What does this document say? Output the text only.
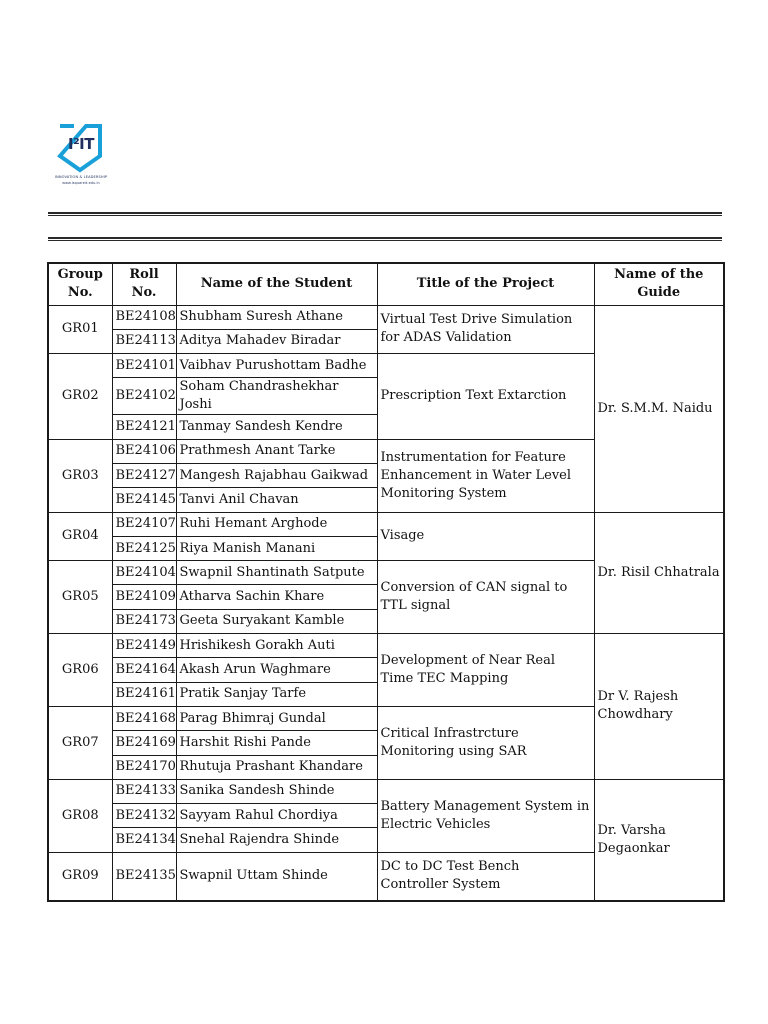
I²IT
INNOVATION & LEADERSHIP
www.isquareit.edu.in
Group No.	Roll No.	Name of the Student	Title of the Project	Name of the Guide
GR01	BE24108	Shubham Suresh Athane	Virtual Test Drive Simulation for ADAS Validation	Dr. S.M.M. Naidu
	BE24113	Aditya Mahadev Biradar		
GR02	BE24101	Vaibhav Purushottam Badhe	Prescription Text Extarction	
	BE24102	Soham Chandrashekhar Joshi		
	BE24121	Tanmay Sandesh Kendre		
GR03	BE24106	Prathmesh Anant Tarke	Instrumentation for Feature Enhancement in Water Level Monitoring System	
	BE24127	Mangesh Rajabhau Gaikwad		
	BE24145	Tanvi Anil Chavan		
GR04	BE24107	Ruhi Hemant Arghode	Visage	Dr. Risil Chhatrala
	BE24125	Riya Manish Manani		
GR05	BE24104	Swapnil Shantinath Satpute	Conversion of CAN signal to TTL signal	
	BE24109	Atharva Sachin Khare		
	BE24173	Geeta Suryakant Kamble		
GR06	BE24149	Hrishikesh Gorakh Auti	Development of Near Real Time TEC Mapping	Dr V. Rajesh Chowdhary
	BE24164	Akash Arun Waghmare		
	BE24161	Pratik Sanjay Tarfe		
GR07	BE24168	Parag Bhimraj Gundal	Critical Infrastrcture Monitoring using SAR	
	BE24169	Harshit Rishi Pande		
	BE24170	Rhutuja Prashant Khandare		
GR08	BE24133	Sanika Sandesh Shinde	Battery Management System in Electric Vehicles	Dr. Varsha Degaonkar
	BE24132	Sayyam Rahul Chordiya		
	BE24134	Snehal Rajendra Shinde		
GR09	BE24135	Swapnil Uttam Shinde	DC to DC Test Bench Controller System	
